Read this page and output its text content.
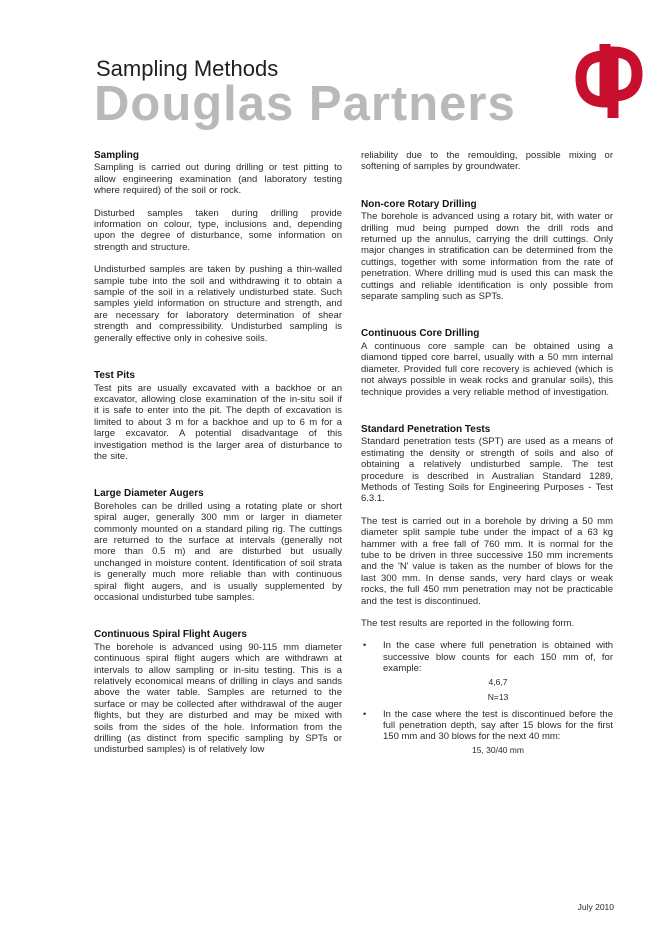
Sampling Methods
Douglas Partners
Sampling
Sampling is carried out during drilling or test pitting to allow engineering examination (and laboratory testing where required) of the soil or rock.
Disturbed samples taken during drilling provide information on colour, type, inclusions and, depending upon the degree of disturbance, some information on strength and structure.
Undisturbed samples are taken by pushing a thin-walled sample tube into the soil and withdrawing it to obtain a sample of the soil in a relatively undisturbed state. Such samples yield information on structure and strength, and are necessary for laboratory determination of shear strength and compressibility. Undisturbed sampling is generally effective only in cohesive soils.
Test Pits
Test pits are usually excavated with a backhoe or an excavator, allowing close examination of the in-situ soil if it is safe to enter into the pit. The depth of excavation is limited to about 3 m for a backhoe and up to 6 m for a large excavator. A potential disadvantage of this investigation method is the larger area of disturbance to the site.
Large Diameter Augers
Boreholes can be drilled using a rotating plate or short spiral auger, generally 300 mm or larger in diameter commonly mounted on a standard piling rig. The cuttings are returned to the surface at intervals (generally not more than 0.5 m) and are disturbed but usually unchanged in moisture content. Identification of soil strata is generally much more reliable than with continuous spiral flight augers, and is usually supplemented by occasional undisturbed tube samples.
Continuous Spiral Flight Augers
The borehole is advanced using 90-115 mm diameter continuous spiral flight augers which are withdrawn at intervals to allow sampling or in-situ testing. This is a relatively economical means of drilling in clays and sands above the water table. Samples are returned to the surface or may be collected after withdrawal of the auger flights, but they are disturbed and may be mixed with soils from the sides of the hole. Information from the drilling (as distinct from specific sampling by SPTs or undisturbed samples) is of relatively low
reliability due to the remoulding, possible mixing or softening of samples by groundwater.
Non-core Rotary Drilling
The borehole is advanced using a rotary bit, with water or drilling mud being pumped down the drill rods and returned up the annulus, carrying the drill cuttings. Only major changes in stratification can be determined from the cuttings, together with some information from the rate of penetration. Where drilling mud is used this can mask the cuttings and reliable identification is only possible from separate sampling such as SPTs.
Continuous Core Drilling
A continuous core sample can be obtained using a diamond tipped core barrel, usually with a 50 mm internal diameter. Provided full core recovery is achieved (which is not always possible in weak rocks and granular soils), this technique provides a very reliable method of investigation.
Standard Penetration Tests
Standard penetration tests (SPT) are used as a means of estimating the density or strength of soils and also of obtaining a relatively undisturbed sample. The test procedure is described in Australian Standard 1289, Methods of Testing Soils for Engineering Purposes - Test 6.3.1.
The test is carried out in a borehole by driving a 50 mm diameter split sample tube under the impact of a 63 kg hammer with a free fall of 760 mm. It is normal for the tube to be driven in three successive 150 mm increments and the 'N' value is taken as the number of blows for the last 300 mm. In dense sands, very hard clays or weak rocks, the full 450 mm penetration may not be practicable and the test is discontinued.
The test results are reported in the following form.
• In the case where full penetration is obtained with successive blow counts for each 150 mm of, for example:
4,6,7
N=13
• In the case where the test is discontinued before the full penetration depth, say after 15 blows for the first 150 mm and 30 blows for the next 40 mm:
15, 30/40 mm
July 2010
